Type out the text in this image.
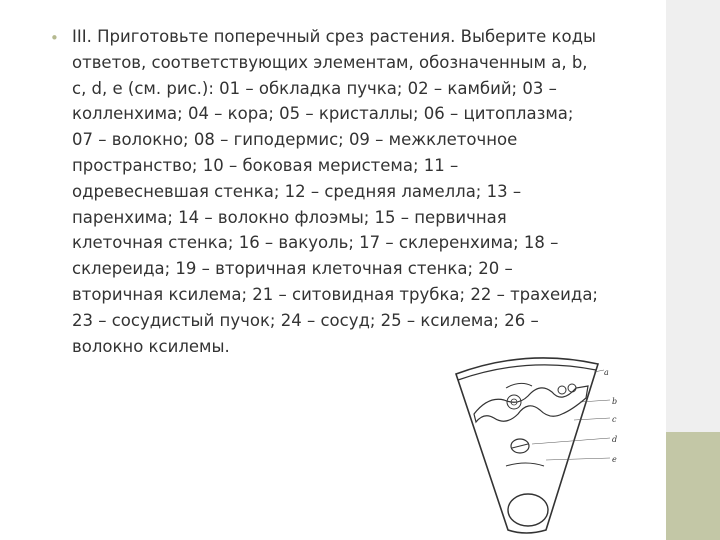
• III. Приготовьте поперечный срез растения. Выберите коды
ответов, соответствующих элементам, обозначенным a, b,
c, d, e (см. рис.): 01 – обкладка пучка; 02 – камбий; 03 –
колленхима; 04 – кора; 05 – кристаллы; 06 – цитоплазма;
07 – волокно; 08 – гиподермис; 09 – межклеточное
пространство; 10 – боковая меристема; 11 –
одревесневшая стенка; 12 – средняя ламелла; 13 –
паренхима; 14 – волокно флоэмы; 15 – первичная
клеточная стенка; 16 – вакуоль; 17 – склеренхима; 18 –
склереида; 19 – вторичная клеточная стенка; 20 –
вторичная ксилема; 21 – ситовидная трубка; 22 – трахеида;
23 – сосудистый пучок; 24 – сосуд; 25 – ксилема; 26 –
волокно ксилемы.
a
b
c
d
e
